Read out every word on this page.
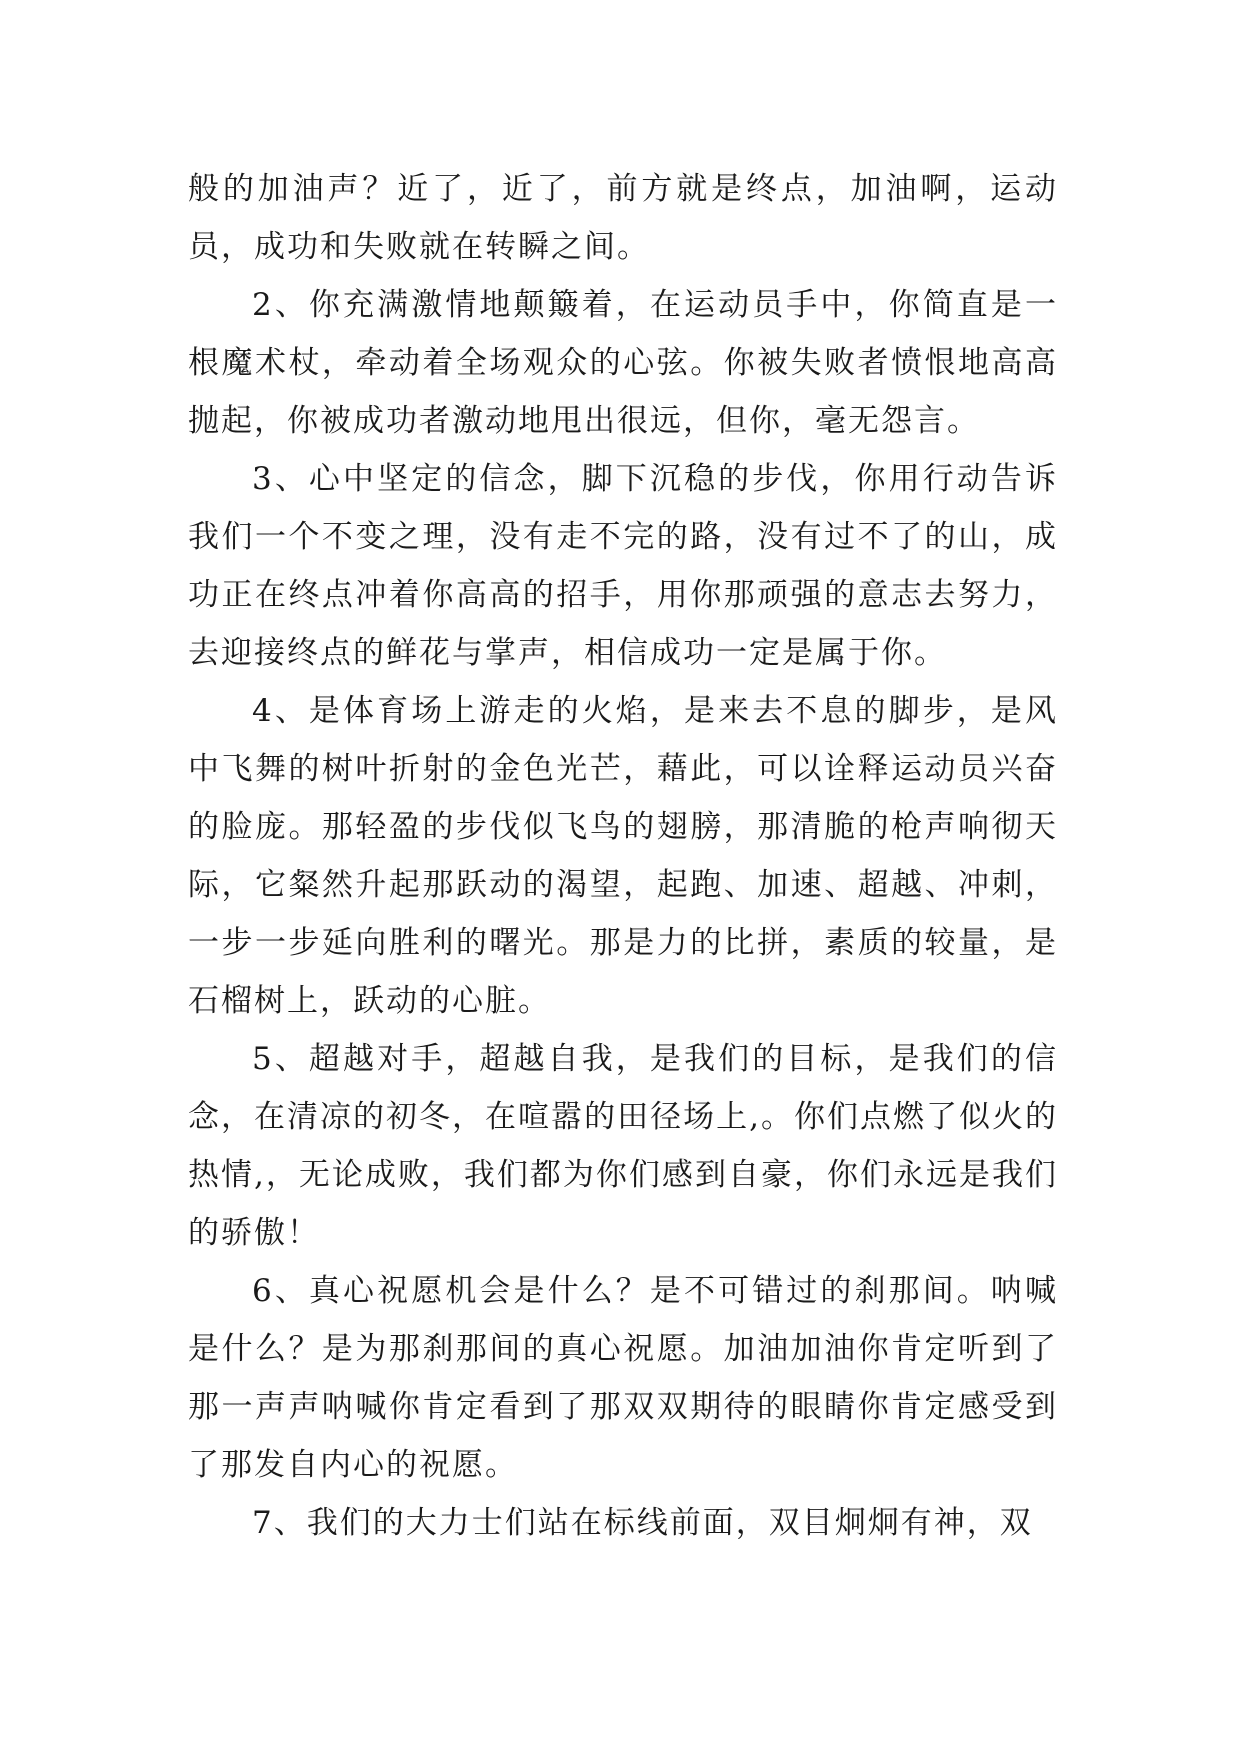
般的加油声？近了，近了，前方就是终点，加油啊，运动员，成功和失败就在转瞬之间。

2、你充满激情地颠簸着，在运动员手中，你简直是一根魔术杖，牵动着全场观众的心弦。你被失败者愤恨地高高抛起，你被成功者激动地甩出很远，但你，毫无怨言。

3、心中坚定的信念，脚下沉稳的步伐，你用行动告诉我们一个不变之理，没有走不完的路，没有过不了的山，成功正在终点冲着你高高的招手，用你那顽强的意志去努力，去迎接终点的鲜花与掌声，相信成功一定是属于你。

4、是体育场上游走的火焰，是来去不息的脚步，是风中飞舞的树叶折射的金色光芒，藉此，可以诠释运动员兴奋的脸庞。那轻盈的步伐似飞鸟的翅膀，那清脆的枪声响彻天际，它粲然升起那跃动的渴望，起跑、加速、超越、冲刺，一步一步延向胜利的曙光。那是力的比拼，素质的较量，是石榴树上，跃动的心脏。

5、超越对手，超越自我，是我们的目标，是我们的信念，在清凉的初冬，在喧嚣的田径场上,。你们点燃了似火的热情,，无论成败，我们都为你们感到自豪，你们永远是我们的骄傲！

6、真心祝愿机会是什么？是不可错过的刹那间。呐喊是什么？是为那刹那间的真心祝愿。加油加油你肯定听到了那一声声呐喊你肯定看到了那双双期待的眼睛你肯定感受到了那发自内心的祝愿。

7、我们的大力士们站在标线前面，双目炯炯有神，双
